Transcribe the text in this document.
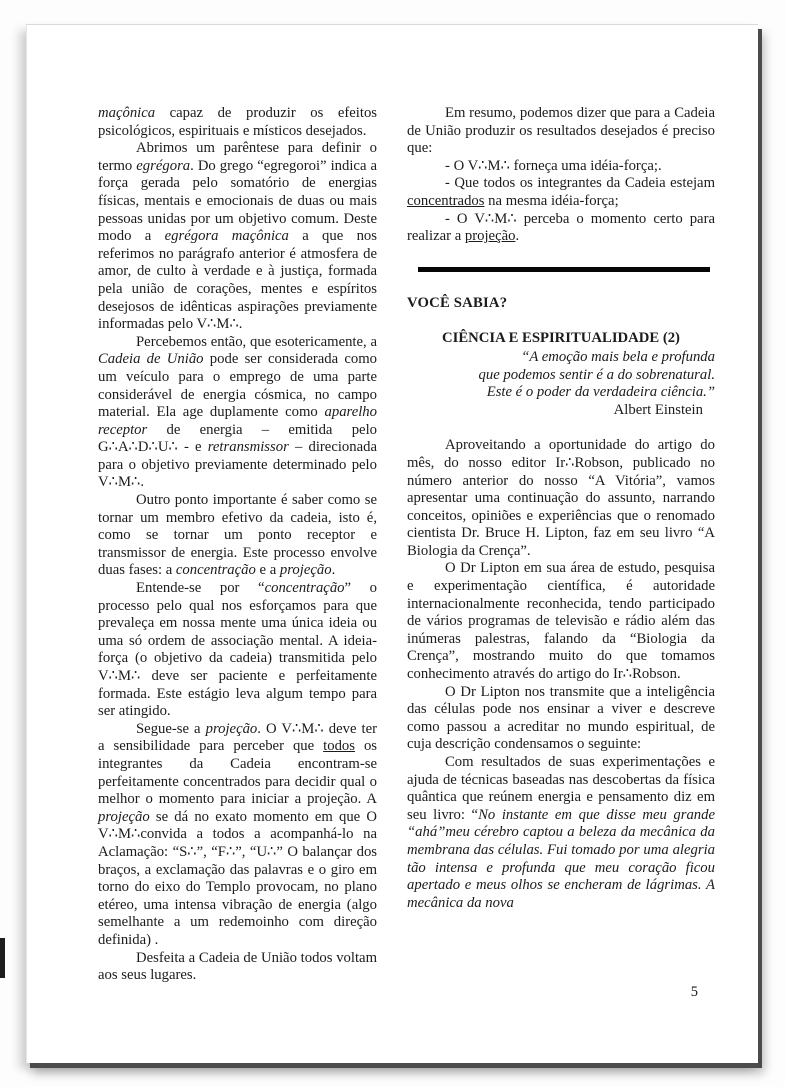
maçônica capaz de produzir os efeitos psicológicos, espirituais e místicos desejados.

Abrimos um parêntese para definir o termo egrégora. Do grego “egregoroi” indica a força gerada pelo somatório de energias físicas, mentais e emocionais de duas ou mais pessoas unidas por um objetivo comum. Deste modo a egrégora maçônica a que nos referimos no parágrafo anterior é atmosfera de amor, de culto à verdade e à justiça, formada pela união de corações, mentes e espíritos desejosos de idênticas aspirações previamente informadas pelo V∴M∴.

Percebemos então, que esotericamente, a Cadeia de União pode ser considerada como um veículo para o emprego de uma parte considerável de energia cósmica, no campo material. Ela age duplamente como aparelho receptor de energia – emitida pelo G∴A∴D∴U∴ - e retransmissor – direcionada para o objetivo previamente determinado pelo V∴M∴.

Outro ponto importante é saber como se tornar um membro efetivo da cadeia, isto é, como se tornar um ponto receptor e transmissor de energia. Este processo envolve duas fases: a concentração e a projeção.

Entende-se por “concentração” o processo pelo qual nos esforçamos para que prevaleça em nossa mente uma única ideia ou uma só ordem de associação mental. A ideia-força (o objetivo da cadeia) transmitida pelo V∴M∴ deve ser paciente e perfeitamente formada. Este estágio leva algum tempo para ser atingido.

Segue-se a projeção. O V∴M∴ deve ter a sensibilidade para perceber que todos os integrantes da Cadeia encontram-se perfeitamente concentrados para decidir qual o melhor o momento para iniciar a projeção. A projeção se dá no exato momento em que O V∴M∴convida a todos a acompanhá-lo na Aclamação: “S∴”, “F∴”, “U∴” O balançar dos braços, a exclamação das palavras e o giro em torno do eixo do Templo provocam, no plano etéreo, uma intensa vibração de energia (algo semelhante a um redemoinho com direção definida) .

Desfeita a Cadeia de União todos voltam aos seus lugares.

Em resumo, podemos dizer que para a Cadeia de União produzir os resultados desejados é preciso que:

- O V∴M∴ forneça uma idéia-força;.

- Que todos os integrantes da Cadeia estejam concentrados na mesma idéia-força;

- O V∴M∴ perceba o momento certo para realizar a projeção.

VOCÊ SABIA?
CIÊNCIA E ESPIRITUALIDADE (2)
“A emoção mais bela e profunda
que podemos sentir é a do sobrenatural.
Este é o poder da verdadeira ciência.”
Albert Einstein

Aproveitando a oportunidade do artigo do mês, do nosso editor Ir∴Robson, publicado no número anterior do nosso “A Vitória”, vamos apresentar uma continuação do assunto, narrando conceitos, opiniões e experiências que o renomado cientista Dr. Bruce H. Lipton, faz em seu livro “A Biologia da Crença”.

O Dr Lipton em sua área de estudo, pesquisa e experimentação científica, é autoridade internacionalmente reconhecida, tendo participado de vários programas de televisão e rádio além das inúmeras palestras, falando da “Biologia da Crença”, mostrando muito do que tomamos conhecimento através do artigo do Ir∴Robson.

O Dr Lipton nos transmite que a inteligência das células pode nos ensinar a viver e descreve como passou a acreditar no mundo espiritual, de cuja descrição condensamos o seguinte:

Com resultados de suas experimentações e ajuda de técnicas baseadas nas descobertas da física quântica que reúnem energia e pensamento diz em seu livro: “No instante em que disse meu grande “ahá”meu cérebro captou a beleza da mecânica da membrana das células. Fui tomado por uma alegria tão intensa e profunda que meu coração ficou apertado e meus olhos se encheram de lágrimas. A mecânica da nova

5
